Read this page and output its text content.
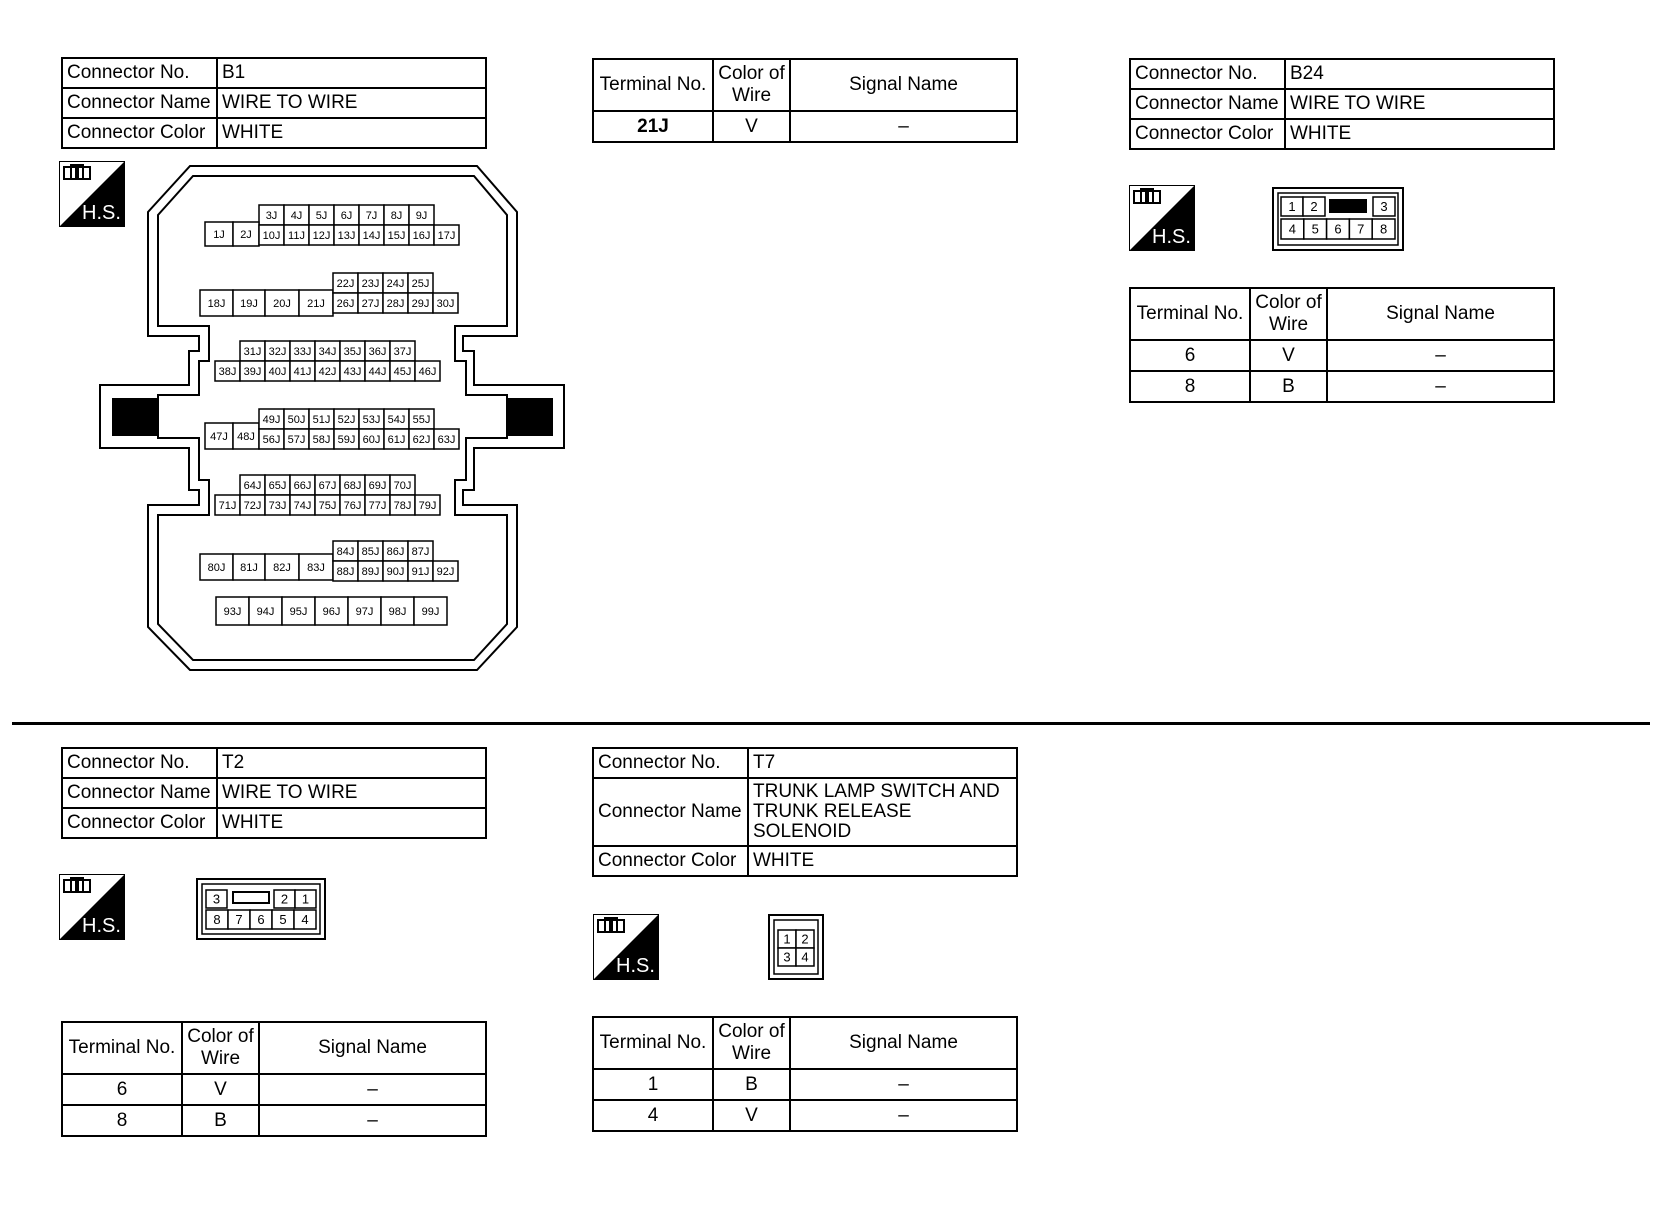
Connector No.	B1
Connector Name	WIRE TO WIRE
Connector Color	WHITE
Terminal No.	Color of Wire	Signal Name
21J	V	–
Connector No.	B24
Connector Name	WIRE TO WIRE
Connector Color	WHITE
Terminal No.	Color of Wire	Signal Name
6	V	–
8	B	–
Connector No.	T2
Connector Name	WIRE TO WIRE
Connector Color	WHITE
Terminal No.	Color of Wire	Signal Name
6	V	–
8	B	–
Connector No.	T7
Connector Name	TRUNK LAMP SWITCH AND TRUNK RELEASE SOLENOID
Connector Color	WHITE
Terminal No.	Color of Wire	Signal Name
1	B	–
4	V	–
H.S.
H.S.
H.S.
H.S.
3J 4J 5J 6J 7J 8J 9J
1J 2J 10J 11J 12J 13J 14J 15J 16J 17J
18J 19J 20J 21J
22J 23J 24J 25J
26J 27J 28J 29J 30J
31J 32J 33J 34J 35J 36J 37J
38J 39J 40J 41J 42J 43J 44J 45J 46J
47J 48J
49J 50J 51J 52J 53J 54J 55J
56J 57J 58J 59J 60J 61J 62J 63J
64J 65J 66J 67J 68J 69J 70J
71J 72J 73J 74J 75J 76J 77J 78J 79J
80J 81J 82J 83J
84J 85J 86J 87J
88J 89J 90J 91J 92J
93J 94J 95J 96J 97J 98J 99J
1 2	3
4 5 6 7 8
3	2 1
8 7 6 5 4
1 2
3 4
